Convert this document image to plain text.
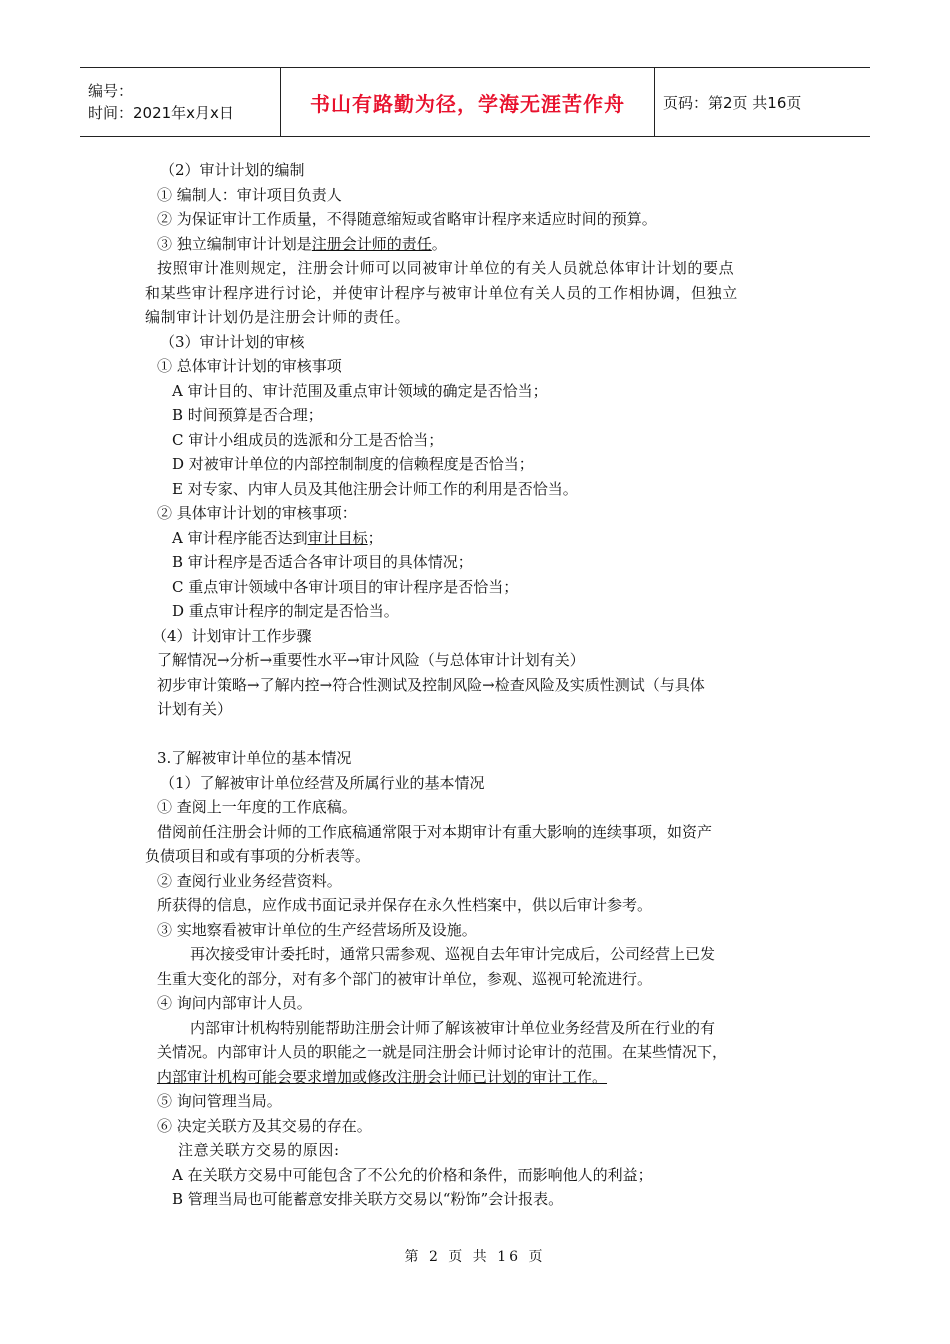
编号：
时间：2021年x月x日	书山有路勤为径，学海无涯苦作舟	页码：第2页 共16页
（2）审计计划的编制
① 编制人：审计项目负责人
② 为保证审计工作质量，不得随意缩短或省略审计程序来适应时间的预算。
③ 独立编制审计计划是注册会计师的责任。
按照审计准则规定，注册会计师可以同被审计单位的有关人员就总体审计计划的要点
和某些审计程序进行讨论，并使审计程序与被审计单位有关人员的工作相协调，但独立
编制审计计划仍是注册会计师的责任。
（3）审计计划的审核
① 总体审计计划的审核事项
A 审计目的、审计范围及重点审计领域的确定是否恰当；
B 时间预算是否合理；
C 审计小组成员的选派和分工是否恰当；
D 对被审计单位的内部控制制度的信赖程度是否恰当；
E 对专家、内审人员及其他注册会计师工作的利用是否恰当。
② 具体审计计划的审核事项：
A 审计程序能否达到审计目标；
B 审计程序是否适合各审计项目的具体情况；
C 重点审计领域中各审计项目的审计程序是否恰当；
D 重点审计程序的制定是否恰当。
（4）计划审计工作步骤
了解情况→分析→重要性水平→审计风险（与总体审计计划有关）
初步审计策略→了解内控→符合性测试及控制风险→检查风险及实质性测试（与具体
计划有关）
3.了解被审计单位的基本情况
（1）了解被审计单位经营及所属行业的基本情况
① 查阅上一年度的工作底稿。
借阅前任注册会计师的工作底稿通常限于对本期审计有重大影响的连续事项，如资产
负债项目和或有事项的分析表等。
② 查阅行业业务经营资料。
所获得的信息，应作成书面记录并保存在永久性档案中，供以后审计参考。
③ 实地察看被审计单位的生产经营场所及设施。
再次接受审计委托时，通常只需参观、巡视自去年审计完成后，公司经营上已发
生重大变化的部分，对有多个部门的被审计单位，参观、巡视可轮流进行。
④ 询问内部审计人员。
内部审计机构特别能帮助注册会计师了解该被审计单位业务经营及所在行业的有
关情况。内部审计人员的职能之一就是同注册会计师讨论审计的范围。在某些情况下，
内部审计机构可能会要求增加或修改注册会计师已计划的审计工作。
⑤ 询问管理当局。
⑥ 决定关联方及其交易的存在。
注意关联方交易的原因:
A 在关联方交易中可能包含了不公允的价格和条件，而影响他人的利益；
B 管理当局也可能蓄意安排关联方交易以“粉饰”会计报表。
第 2 页 共 16 页
